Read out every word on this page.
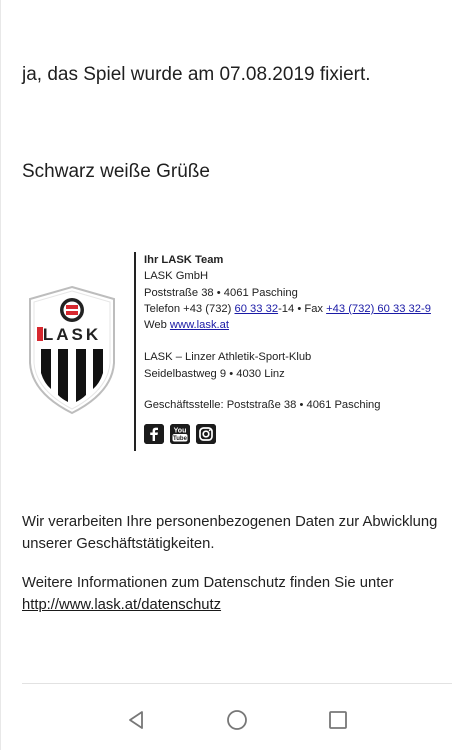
ja, das Spiel wurde am 07.08.2019 fixiert.
Schwarz weiße Grüße
LASK
Ihr LASK Team
LASK GmbH
Poststraße 38 • 4061 Pasching
Telefon +43 (732) 60 33 32-14 • Fax +43 (732) 60 33 32-9
Web www.lask.at
LASK – Linzer Athletik-Sport-Klub
Seidelbastweg 9 • 4030 Linz
Geschäftsstelle: Poststraße 38 • 4061 Pasching
You
Tube

Wir verarbeiten Ihre personenbezogenen Daten zur Abwicklung unserer Geschäftstätigkeiten.

Weitere Informationen zum Datenschutz finden Sie unter
http://www.lask.at/datenschutz
